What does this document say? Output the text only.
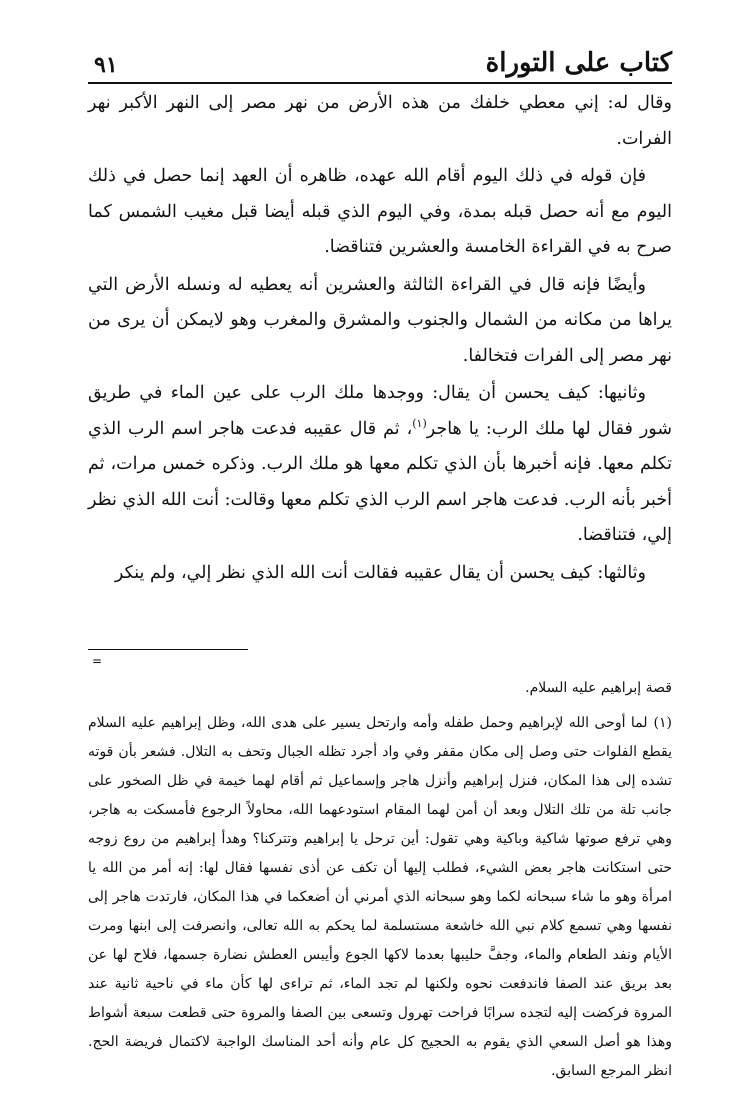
٩١	كتاب على التوراة

وقال له: إني معطي خلفك من هذه الأرض من نهر مصر إلى النهر الأكبر نهر الفرات.

فإن قوله في ذلك اليوم أقام الله عهده، ظاهره أن العهد إنما حصل في ذلك اليوم مع أنه حصل قبله بمدة، وفي اليوم الذي قبله أيضا قبل مغيب الشمس كما صرح به في القراءة الخامسة والعشرين فتناقضا.

وأيضًا فإنه قال في القراءة الثالثة والعشرين أنه يعطيه له ونسله الأرض التي يراها من مكانه من الشمال والجنوب والمشرق والمغرب وهو لايمكن أن يرى من نهر مصر إلى الفرات فتخالفا.

وثانيها: كيف يحسن أن يقال: ووجدها ملك الرب على عين الماء في طريق شور فقال لها ملك الرب: يا هاجر$^{(١)}$، ثم قال عقيبه فدعت هاجر اسم الرب الذي تكلم معها. فإنه أخبرها بأن الذي تكلم معها هو ملك الرب. وذكره خمس مرات، ثم أخبر بأنه الرب. فدعت هاجر اسم الرب الذي تكلم معها وقالت: أنت الله الذي نظر إلي، فتناقضا.

وثالثها: كيف يحسن أن يقال عقيبه فقالت أنت الله الذي نظر إلي، ولم ينكر

=

قصة إبراهيم عليه السلام.

(١)لما أوحى الله لإبراهيم وحمل طفله وأمه وارتحل يسير على هدى الله، وظل إبراهيم عليه السلام يقطع الفلوات حتى وصل إلى مكان مقفر وفي واد أجرد تظله الجبال وتحف به التلال. فشعر بأن قوته تشده إلى هذا المكان، فنزل إبراهيم وأنزل هاجر وإسماعيل ثم أقام لهما خيمة في ظل الصخور على جانب تلة من تلك التلال وبعد أن أمن لهما المقام استودعهما الله، محاولاً الرجوع فأمسكت به هاجر، وهي ترفع صوتها شاكية وباكية وهي تقول: أين ترحل يا إبراهيم وتتركنا؟ وهدأ إبراهيم من روع زوجه حتى استكانت هاجر بعض الشيء، فطلب إليها أن تكف عن أذى نفسها فقال لها: إنه أمر من الله يا امرأة وهو ما شاء سبحانه لكما وهو سبحانه الذي أمرني أن أضعكما في هذا المكان، فارتدت هاجر إلى نفسها وهي تسمع كلام نبي الله خاشعة مستسلمة لما يحكم به الله تعالى، وانصرفت إلى ابنها ومرت الأيام ونفد الطعام والماء، وجفَّ حليبها بعدما لاكها الجوع وأيبس العطش نضارة جسمها، فلاح لها عن بعد بريق عند الصفا فاندفعت نحوه ولكنها لم تجد الماء، ثم تراءى لها كأن ماء في ناحية ثانية عند المروة فركضت إليه لتجده سرابًا فراحت تهرول وتسعى بين الصفا والمروة حتى قطعت سبعة أشواط وهذا هو أصل السعي الذي يقوم به الحجيج كل عام وأنه أحد المناسك الواجبة لاكتمال فريضة الحج. انظر المرجع السابق.
